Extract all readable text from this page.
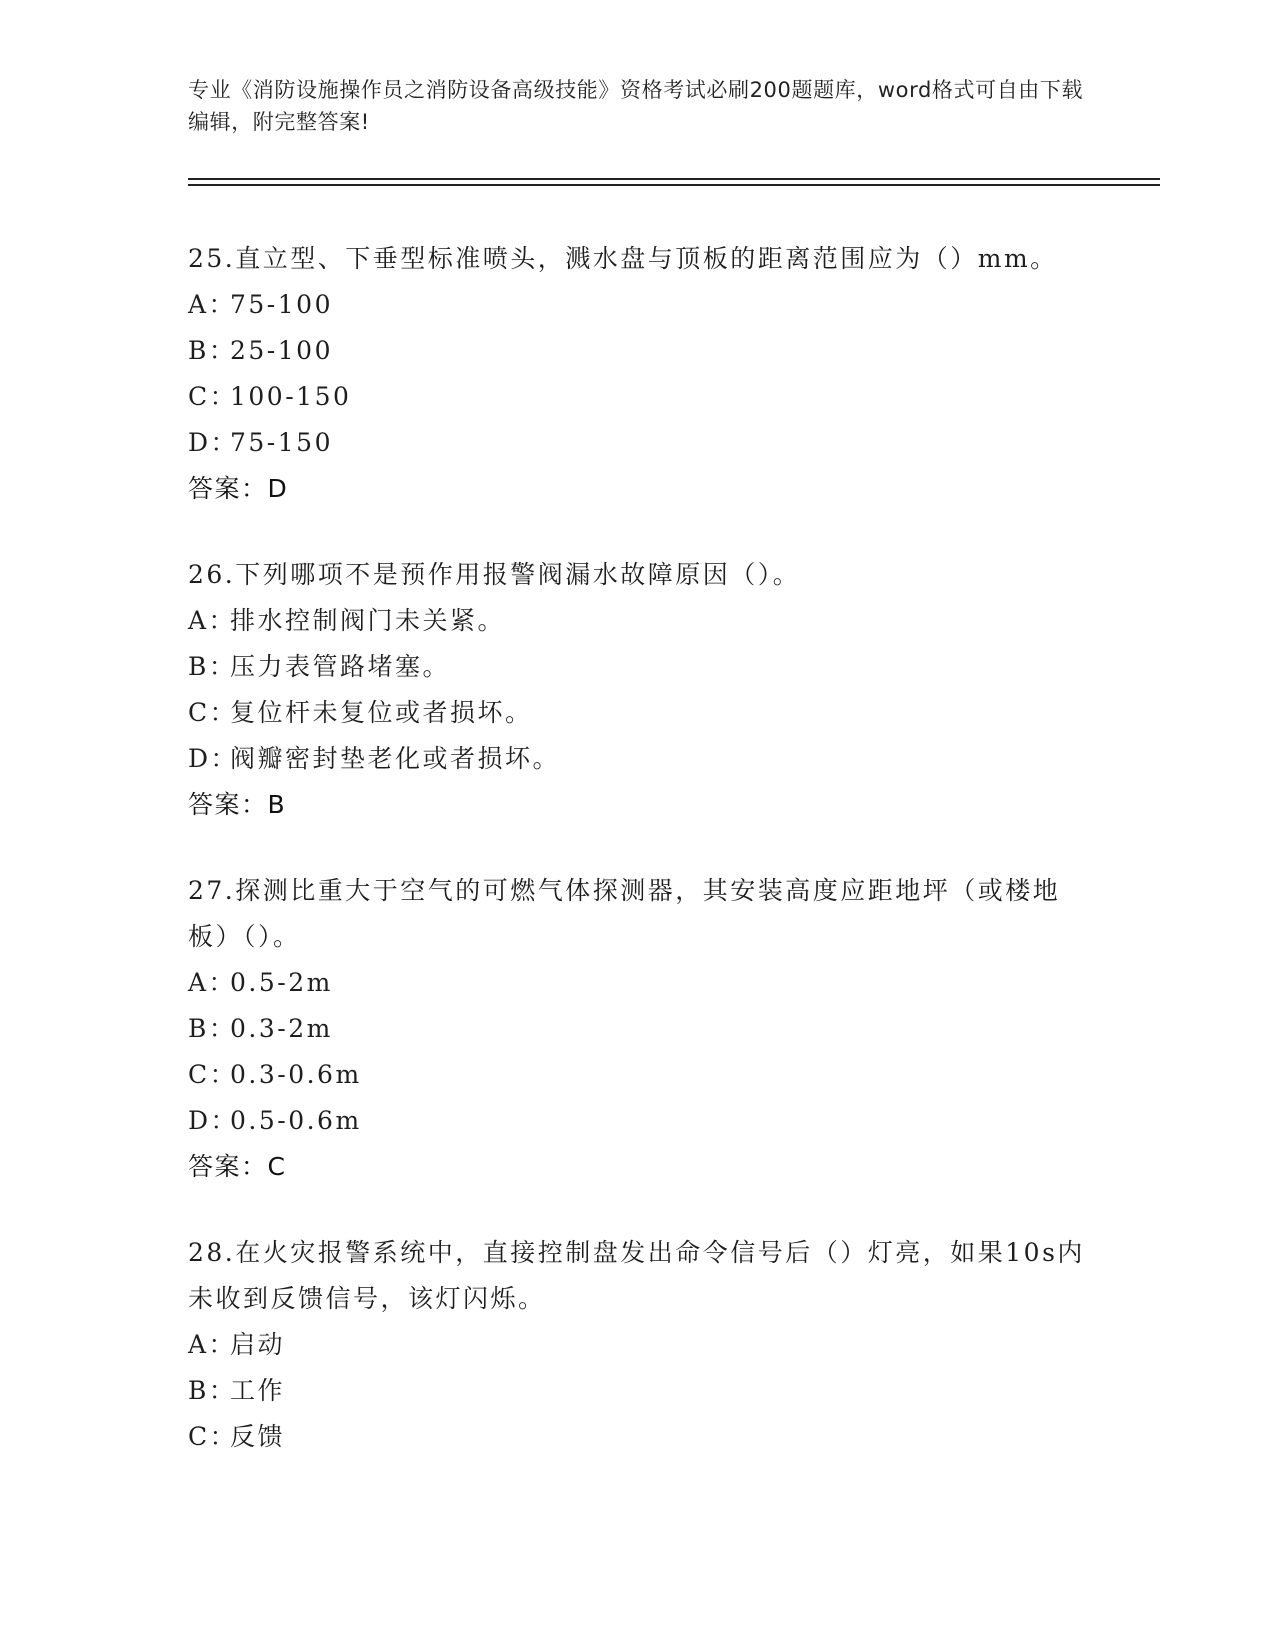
专业《消防设施操作员之消防设备高级技能》资格考试必刷200题题库，word格式可自由下载编辑，附完整答案!
25.直立型、下垂型标准喷头，溅水盘与顶板的距离范围应为（）mm。
A：
75-100
B：
25-100
C：
100-150
D：
75-150
答案：D
26.下列哪项不是预作用报警阀漏水故障原因（）。
A：
排水控制阀门未关紧。
B：
压力表管路堵塞。
C：
复位杆未复位或者损坏。
D：
阀瓣密封垫老化或者损坏。
答案：B
27.探测比重大于空气的可燃气体探测器，其安装高度应距地坪（或楼地板）（）。
A：
0.5-2m
B：
0.3-2m
C：
0.3-0.6m
D：
0.5-0.6m
答案：C
28.在火灾报警系统中，直接控制盘发出命令信号后（）灯亮，如果10s内未收到反馈信号，该灯闪烁。
A：
启动
B：
工作
C：
反馈
